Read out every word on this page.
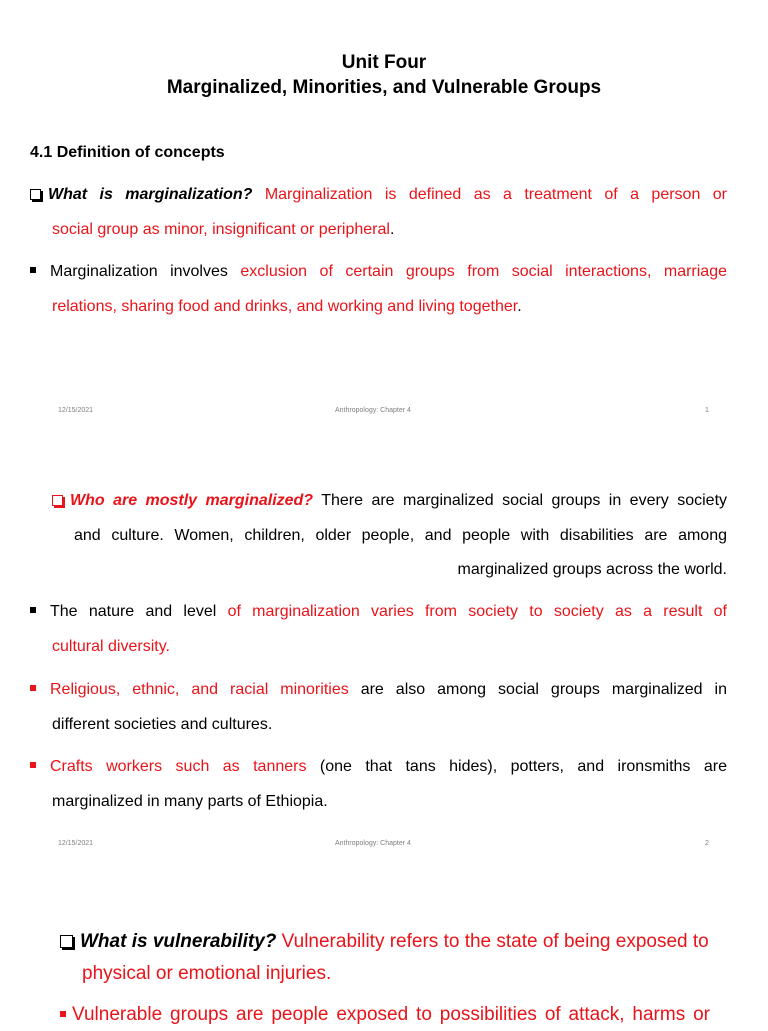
Unit Four
Marginalized, Minorities, and Vulnerable Groups
4.1 Definition of concepts
What is marginalization? Marginalization is defined as a treatment of a person or
social group as minor, insignificant or peripheral.
Marginalization involves exclusion of certain groups from social interactions, marriage
relations, sharing food and drinks, and working and living together.
12/15/2021	Anthropology: Chapter 4	1
Who are mostly marginalized? There are marginalized social groups in every society
and culture. Women, children, older people, and people with disabilities are among
marginalized groups across the world.
The nature and level of marginalization varies from society to society as a result of
cultural diversity.
Religious, ethnic, and racial minorities are also among social groups marginalized in
different societies and cultures.
Crafts workers such as tanners (one that tans hides), potters, and ironsmiths are
marginalized in many parts of Ethiopia.
12/15/2021	Anthropology: Chapter 4	2
What is vulnerability? Vulnerability refers to the state of being exposed to
physical or emotional injuries.
Vulnerable groups are people exposed to possibilities of attack, harms or
